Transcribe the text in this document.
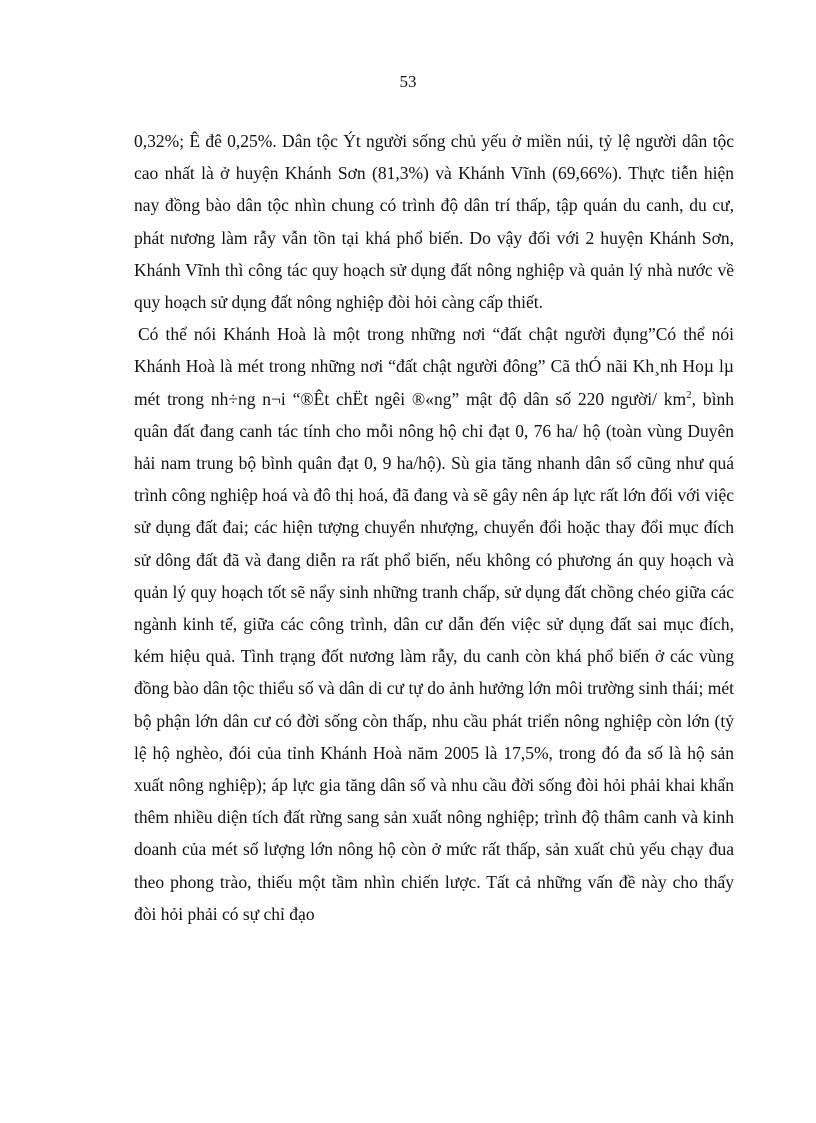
53

0,32%; Ê đê 0,25%. Dân tộc Ýt người sống chủ yếu ở miền núi, tỷ lệ người dân tộc cao nhất là ở huyện Khánh Sơn (81,3%) và Khánh Vĩnh (69,66%). Thực tiễn hiện nay đồng bào dân tộc nhìn chung có trình độ dân trí thấp, tập quán du canh, du cư, phát nương làm rẫy vẫn tồn tại khá phổ biến. Do vậy đối với 2 huyện Khánh Sơn, Khánh Vĩnh thì công tác quy hoạch sử dụng đất nông nghiệp và quản lý nhà nước về quy hoạch sử dụng đất nông nghiệp đòi hỏi càng cấp thiết.

Có thể nói Khánh Hoà là một trong những nơi “đất chật người đụng”Có thể nói Khánh Hoà là mét trong những nơi “đất chật người đông” Cã thÓ nãi Kh¸nh Hoµ lµ mét trong nh÷ng n¬i “®Êt chËt ngêi ®«ng” mật độ dân số 220 người/ $km^2$, bình quân đất đang canh tác tính cho mỗi nông hộ chỉ đạt 0, 76 ha/ hộ (toàn vùng Duyên hải nam trung bộ bình quân đạt 0, 9 ha/hộ). Sù gia tăng nhanh dân số cũng như quá trình công nghiệp hoá và đô thị hoá, đã đang và sẽ gây nên áp lực rất lớn đối với việc sử dụng đất đai; các hiện tượng chuyển nhượng, chuyển đổi hoặc thay đổi mục đích sử dông đất đã và đang diễn ra rất phổ biến, nếu không có phương án quy hoạch và quản lý quy hoạch tốt sẽ nẩy sinh những tranh chấp, sử dụng đất chồng chéo giữa các ngành kinh tế, giữa các công trình, dân cư dẫn đến việc sử dụng đất sai mục đích, kém hiệu quả. Tình trạng đốt nương làm rẫy, du canh còn khá phổ biến ở các vùng đồng bào dân tộc thiểu số và dân di cư tự do ảnh hưởng lớn môi trường sinh thái; mét bộ phận lớn dân cư có đời sống còn thấp, nhu cầu phát triển nông nghiệp còn lớn (tỷ lệ hộ nghèo, đói của tỉnh Khánh Hoà năm 2005 là 17,5%, trong đó đa số là hộ sản xuất nông nghiệp); áp lực gia tăng dân số và nhu cầu đời sống đòi hỏi phải khai khẩn thêm nhiều diện tích đất rừng sang sản xuất nông nghiệp; trình độ thâm canh và kinh doanh của mét số lượng lớn nông hộ còn ở mức rất thấp, sản xuất chủ yếu chạy đua theo phong trào, thiếu một tầm nhìn chiến lược. Tất cả những vấn đề này cho thấy đòi hỏi phải có sự chỉ đạo
